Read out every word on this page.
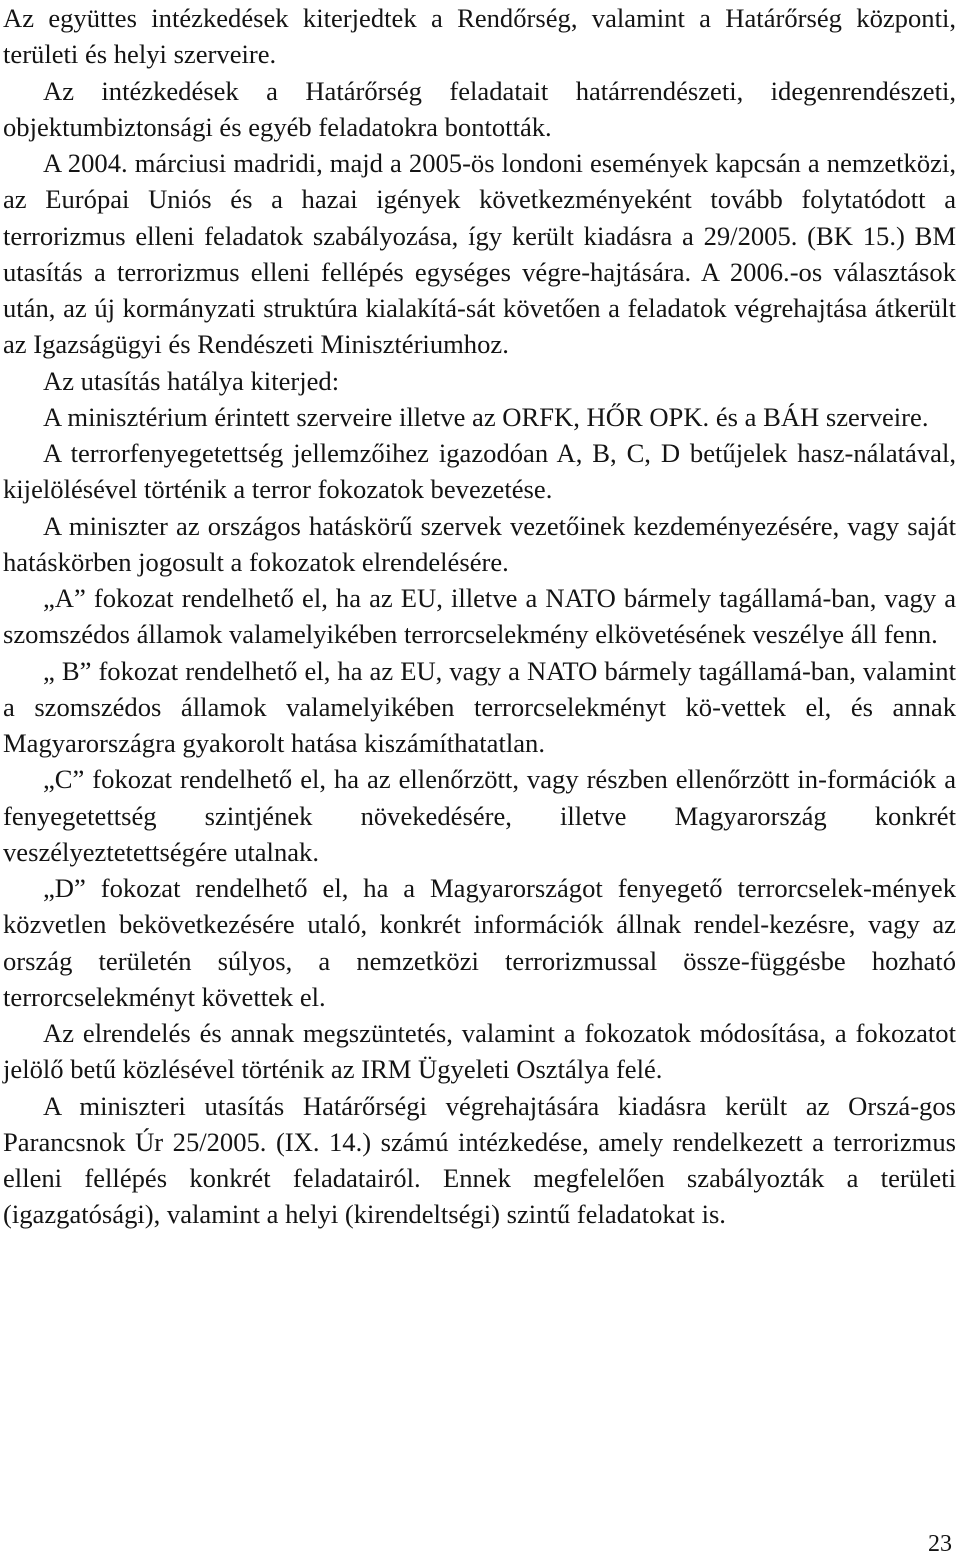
Az együttes intézkedések kiterjedtek a Rendőrség, valamint a Határőrség központi, területi és helyi szerveire.

Az intézkedések a Határőrség feladatait határrendészeti, idegenrendészeti, objektumbiztonsági és egyéb feladatokra bontották.

A 2004. márciusi madridi, majd a 2005-ös londoni események kapcsán a nemzetközi, az Európai Uniós és a hazai igények következményeként tovább folytatódott a terrorizmus elleni feladatok szabályozása, így került kiadásra a 29/2005. (BK 15.) BM utasítás a terrorizmus elleni fellépés egységes végre-hajtására. A 2006.-os választások után, az új kormányzati struktúra kialakítá-sát követően a feladatok végrehajtása átkerült az Igazságügyi és Rendészeti Minisztériumhoz.

Az utasítás hatálya kiterjed:

A minisztérium érintett szerveire illetve az ORFK, HŐR OPK. és a BÁH szerveire.

A terrorfenyegetettség jellemzőihez igazodóan A, B, C, D betűjelek hasz-nálatával, kijelölésével történik a terror fokozatok bevezetése.

A miniszter az országos hatáskörű szervek vezetőinek kezdeményezésére, vagy saját hatáskörben jogosult a fokozatok elrendelésére.

„A” fokozat rendelhető el, ha az EU, illetve a NATO bármely tagállamá-ban, vagy a szomszédos államok valamelyikében terrorcselekmény elkövetésének veszélye áll fenn.

„ B” fokozat rendelhető el, ha az EU, vagy a NATO bármely tagállamá-ban, valamint a szomszédos államok valamelyikében terrorcselekményt kö-vettek el, és annak Magyarországra gyakorolt hatása kiszámíthatatlan.

„C” fokozat rendelhető el, ha az ellenőrzött, vagy részben ellenőrzött in-formációk a fenyegetettség szintjének növekedésére, illetve Magyarország konkrét veszélyeztetettségére utalnak.

„D” fokozat rendelhető el, ha a Magyarországot fenyegető terrorcselek-mények közvetlen bekövetkezésére utaló, konkrét információk állnak rendel-kezésre, vagy az ország területén súlyos, a nemzetközi terrorizmussal össze-függésbe hozható terrorcselekményt követtek el.

Az elrendelés és annak megszüntetés, valamint a fokozatok módosítása, a fokozatot jelölő betű közlésével történik az IRM Ügyeleti Osztálya felé.

A miniszteri utasítás Határőrségi végrehajtására kiadásra került az Orszá-gos Parancsnok Úr 25/2005. (IX. 14.) számú intézkedése, amely rendelkezett a terrorizmus elleni fellépés konkrét feladatairól. Ennek megfelelően szabályozták a területi (igazgatósági), valamint a helyi (kirendeltségi) szintű feladatokat is.

23
